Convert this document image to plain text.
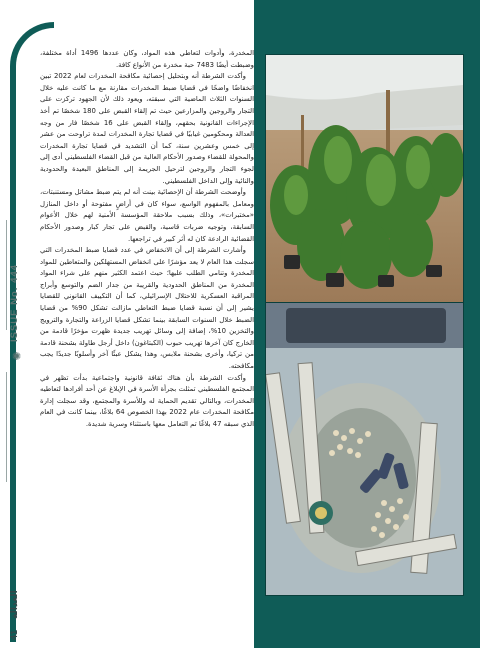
ISSUE No. 444
✺
41  العدالة

المخدرة، وأدوات لتعاطي هذه المواد، وكان عددها 1496 أداة مختلفة، وضبطت أيضًا 7483 حبة مخدرة من الأنواع كافة.

وأكدت الشرطة أنه وبتحليل إحصائية مكافحة المخدرات لعام 2022 تبين انخفاضًا واضحًا في قضايا ضبط المخدرات مقارنة مع ما كانت عليه خلال السنوات الثلاث الماضية التي سبقته، ويعود ذلك لأن الجهود تركزت على التجار والروجين والمزارعين حيث تم إلقاء القبض على 180 شخصًا تم أخذ الإجراءات القانونية بحقهم، وإلقاء القبض على 16 شخصًا فار من وجه العدالة ومحكومين غيابيًا في قضايا تجارة المخدرات لمدة تراوحت من عشر إلى خمس وعشرين سنة، كما أن التشديد في قضايا تجارة المخدرات والمحولة للقضاء وصدور الأحكام العالية من قبل القضاء الفلسطيني أدى إلى لجوء التجار والروجين لترحيل الجريمة إلى المناطق البعيدة والحدودية والنائية وإلى الداخل الفلسطيني.

وأوضحت الشرطة أن الإحصائية بينت أنه لم يتم ضبط مشاتل ومستنبتات، ومعامل بالمفهوم الواسع، سواء كان في أراضٍ مفتوحة أو داخل المنازل «مختبرات»، وذلك بسبب ملاحقة المؤسسة الأمنية لهم خلال الأعوام السابقة، وتوجيه ضربات قاسية، والقبض على تجار كبار وصدور الأحكام القضائية الرادعة كان له أثر كبير في تراجعها.

وأشارت الشرطة إلى أن الانخفاض في عدد قضايا ضبط المخدرات التي سجلت هذا العام لا يعد مؤشرًا على انخفاض المستهلكين والمتعاطين للمواد المخدرة وتنامي الطلب عليها؛ حيث اعتمد الكثير منهم على شراء المواد المخدرة من المناطق الحدودية والقريبة من جدار الضم والتوسع وأبراج المراقبة العسكرية للاحتلال الإسرائيلي، كما أن التكييف القانوني للقضايا يشير إلى أن نسبة قضايا ضبط التعاطي مازالت تشكل 90% من قضايا الضبط خلال السنوات السابقة بينما تشكل قضايا الزراعة والتجارة والترويج والتخزين 10%، إضافة إلى وسائل تهريب جديدة ظهرت مؤخرًا قادمة من الخارج كان آخرها تهريب حبوب (الكبتاغون) داخل أرجل طاولة بشحنة قادمة من تركيا، وأخرى بشحنة ملابس، وهذا يشكل عبئًا آخر وأسلوبًا جديدًا يجب مكافحته.

وأكدت الشرطة بأن هناك ثقافة قانونية واجتماعية بدأت تظهر في المجتمع الفلسطيني تمثلت بجرأة الأسرة في الإبلاغ عن أحد أفرادها لتعاطيه المخدرات، وبالتالي تقديم الحماية له وللأسرة والمجتمع، وقد سجلت إدارة مكافحة المخدرات عام 2022 بهذا الخصوص 64 بلاغًا، بينما كانت في العام الذي سبقه 47 بلاغًا تم التعامل معها باستثناء وسرية شديدة.
